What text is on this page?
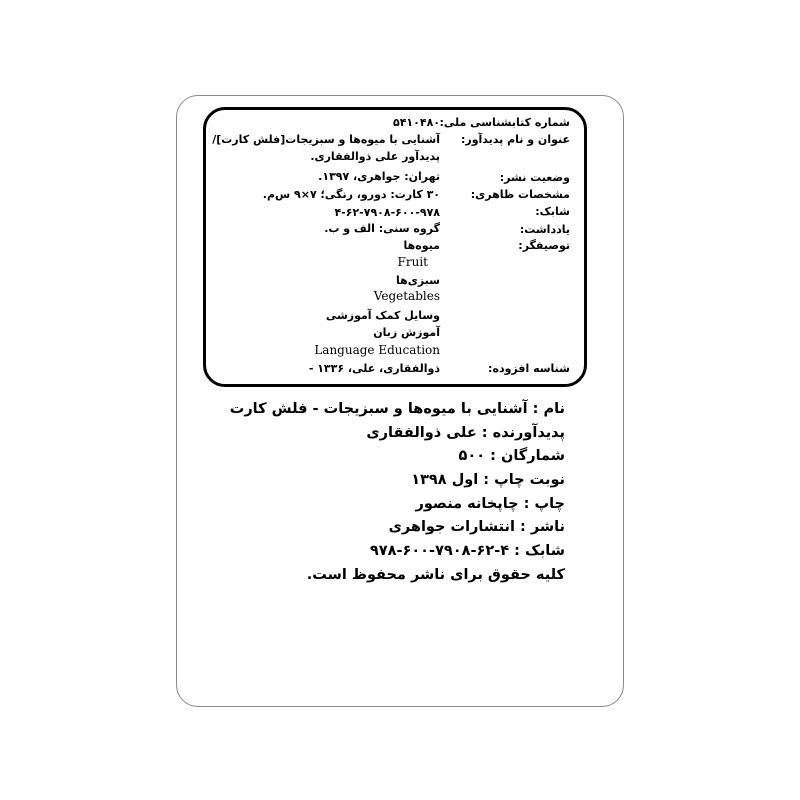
شماره کتابشناسی ملی:
عنوان و نام پدیدآور:
وضعیت نشر:
مشخصات ظاهری:
شابک:
یادداشت:
توصیفگر:
شناسه افزوده:
۵۴۱۰۴۸۰
آشنایی با میوه‌ها و سبزیجات[فلش کارت]/
پدیدآور علی ذوالفقاری.
تهران: جواهری، ۱۳۹۷.
۳۰ کارت: دورو، رنگی؛ ۷×۹ س‌م.
۴-۶۲-۷۹۰۸-۶۰۰-۹۷۸
گروه سنی: الف و ب.
میوه‌ها
Fruit
سبزی‌ها
Vegetables
وسایل کمک آموزشی
آموزش زبان
Language Education
ذوالفقاری، علی، ۱۳۳۶ -
نام : آشنایی با میوه‌ها و سبزیجات - فلش کارت
پدیدآورنده : علی ذوالفقاری
شمارگان : ۵۰۰
نوبت چاپ : اول ۱۳۹۸
چاپ : چاپخانه منصور
ناشر : انتشارات جواهری
شابک : ۴-۶۲-۷۹۰۸-۶۰۰-۹۷۸
کلیه حقوق برای ناشر محفوظ است.
